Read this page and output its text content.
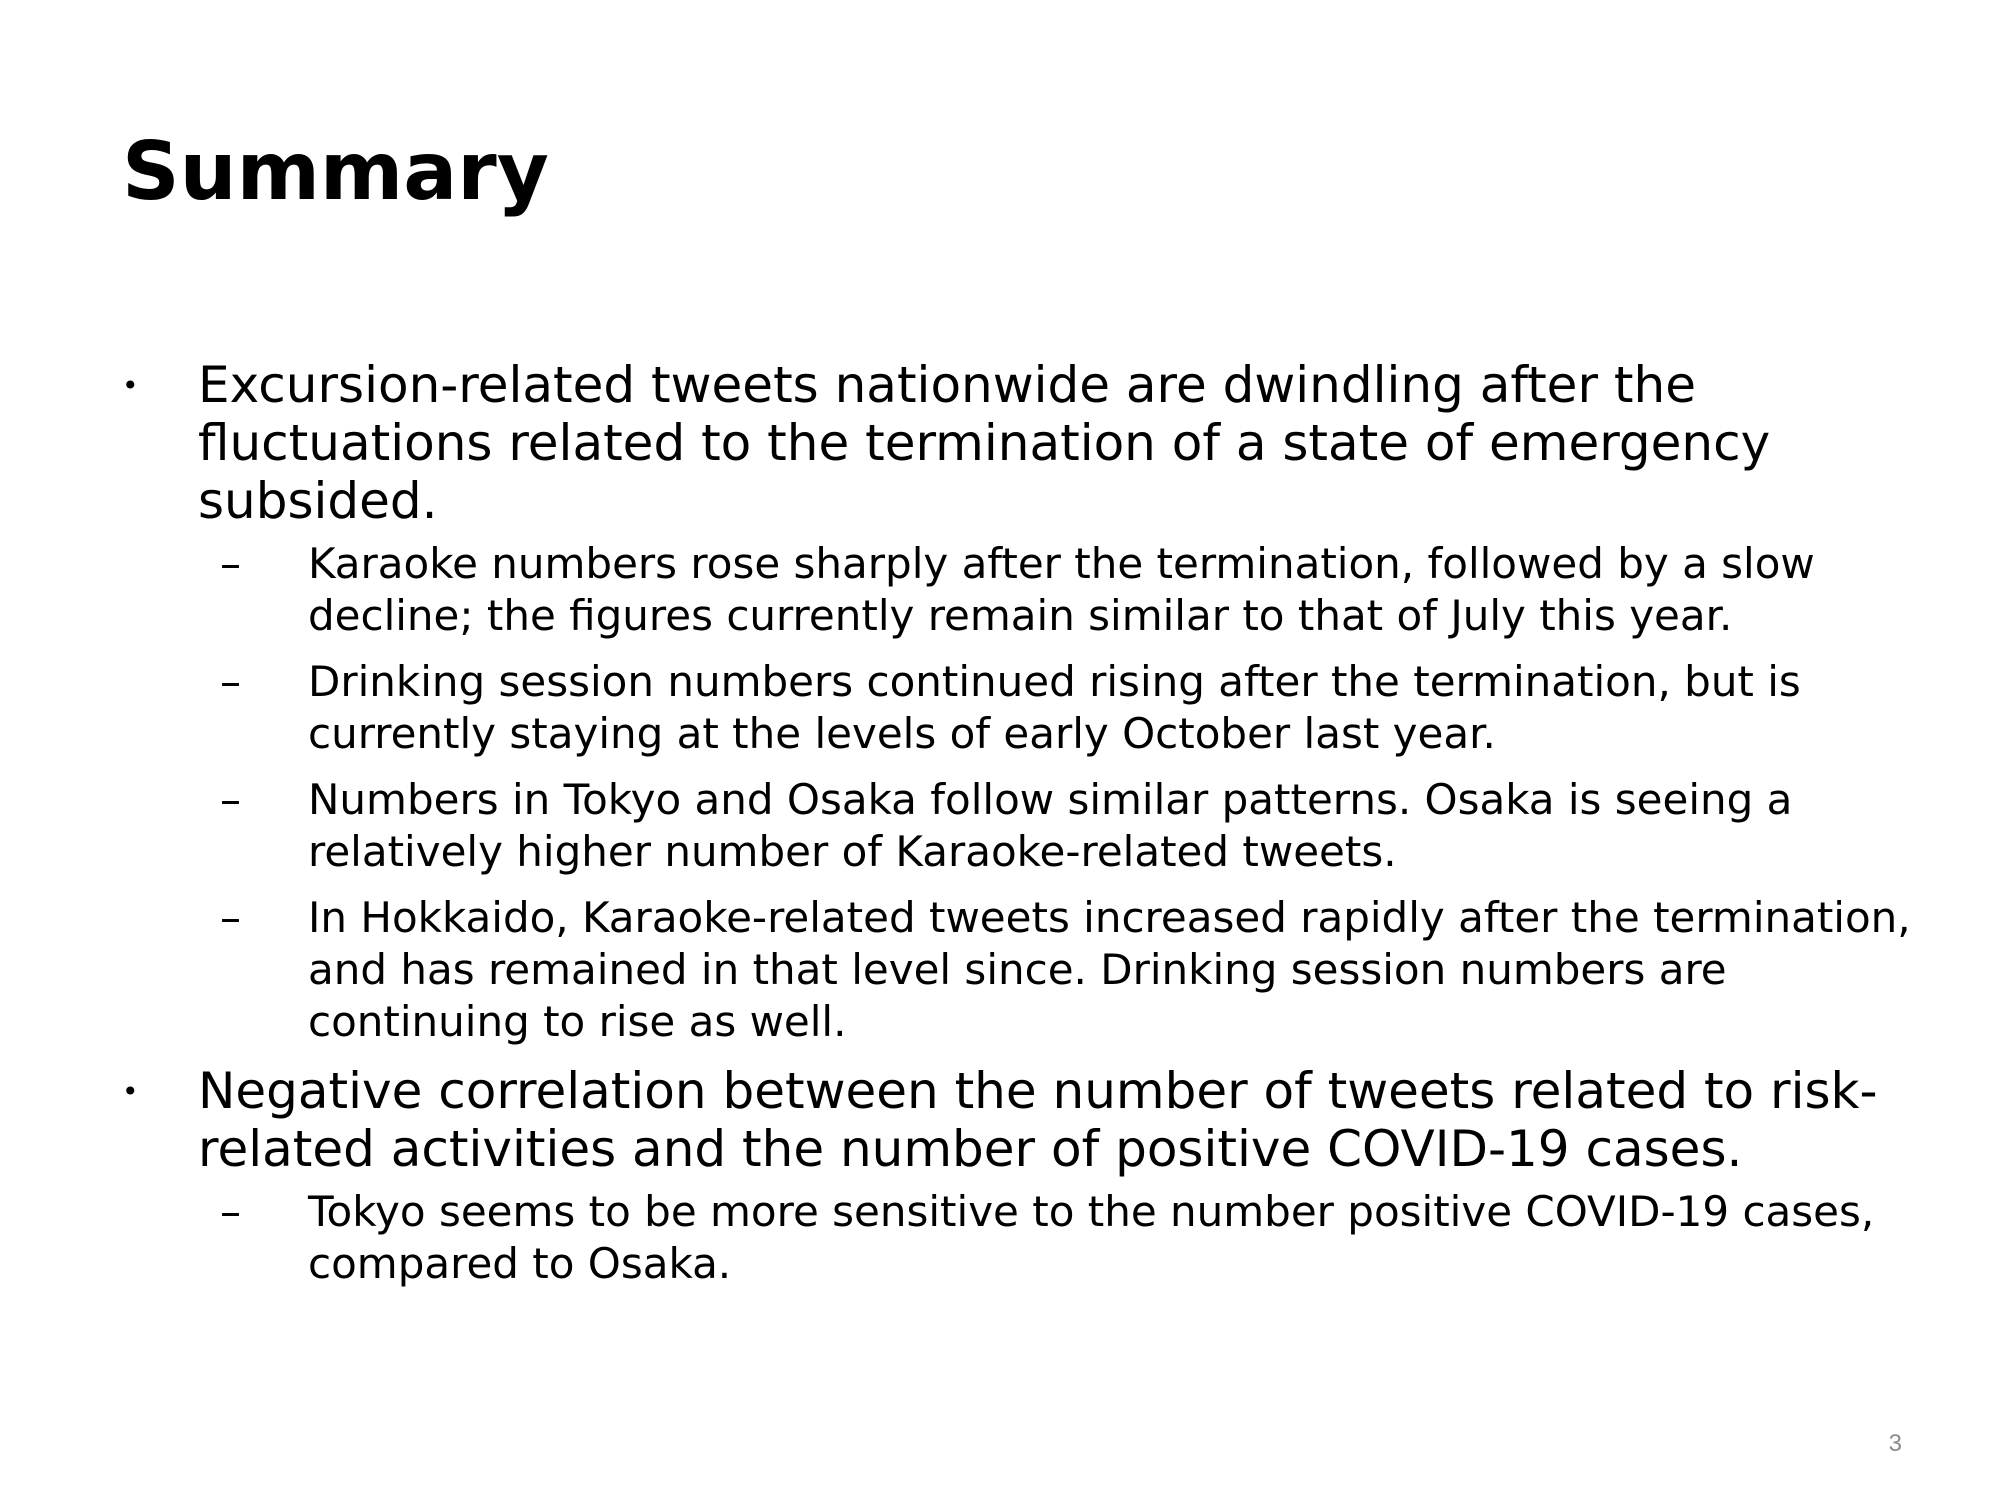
Summary
•	Excursion-related tweets nationwide are dwindling after the fluctuations related to the termination of a state of emergency subsided.
–	Karaoke numbers rose sharply after the termination, followed by a slow decline; the figures currently remain similar to that of July this year.
–	Drinking session numbers continued rising after the termination, but is currently staying at the levels of early October last year.
–	Numbers in Tokyo and Osaka follow similar patterns. Osaka is seeing a relatively higher number of Karaoke-related tweets.
–	In Hokkaido, Karaoke-related tweets increased rapidly after the termination, and has remained in that level since. Drinking session numbers are continuing to rise as well.
•	Negative correlation between the number of tweets related to risk-related activities and the number of positive COVID-19 cases.
–	Tokyo seems to be more sensitive to the number positive COVID-19 cases, compared to Osaka.
3
